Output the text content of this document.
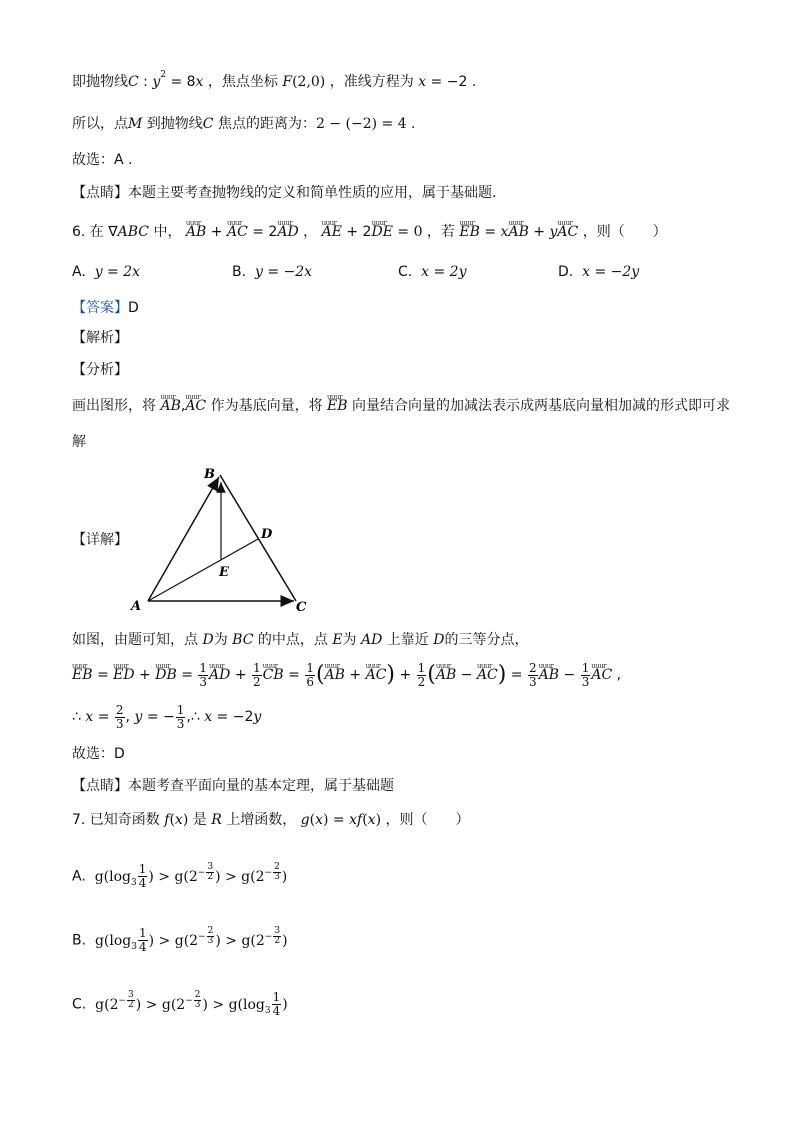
即抛物线C : $y^2 = 8x$ ，焦点坐标 F(2,0) ，准线方程为 x = −2 .
所以，点M 到抛物线C 焦点的距离为：2 − (−2) = 4 .
故选：A .
【点睛】本题主要考查抛物线的定义和简单性质的应用，属于基础题.
6. 在 ∇ABC 中， uuur AB + uuur AC = 2uuur AD ， uuur AE + 2uuur DE = 0 ，若 uuur EB = xuuur AB + yuuur AC ，则（　　）
A. y = 2x	B. y = −2x	C. x = 2y	D. x = −2y
【答案】D
【解析】
【分析】
画出图形，将 uuur AB,uuur AC 作为基底向量，将 uuur EB 向量结合向量的加减法表示成两基底向量相加减的形式即可求
解
【详解】
B
D
E
A	C
如图，由题可知，点 D为 BC 的中点，点 E为 AD 上靠近 D的三等分点，
uuur EB = uuur ED + uuur DB = $\frac{1}{3}$ uuur AD + $\frac{1}{2}$ uuur CB = $\frac{1}{6}$ (uuur AB + uuur $AC) + \frac{1}{2}$ (uuur AB − uuur $AC) = \frac{2}{3}$ uuur AB − $\frac{1}{3}$ uuur AC ,
∴ $x = \frac{2}{3}$ , y = − $\frac{1}{3}$ ,∴ x = −2y
故选：D
【点睛】本题考查平面向量的基本定理，属于基础题
7. 已知奇函数 f(x) 是 R 上增函数， g(x) = xf(x) ，则（　　）
A.  $g(\log_3 \frac{1}{4}$ ) > $g(2^{- \frac{3}{2}}$ ) > $g(2^{- \frac{2}{3}}$ )
B.  $g(\log_3 \frac{1}{4}$ ) > $g(2^{- \frac{2}{3}}$ ) > $g(2^{- \frac{3}{2}}$ )
C.  $g(2^{- \frac{3}{2}}$ ) > $g(2^{- \frac{2}{3}}$ ) > $g(\log_3 \frac{1}{4}$ )
